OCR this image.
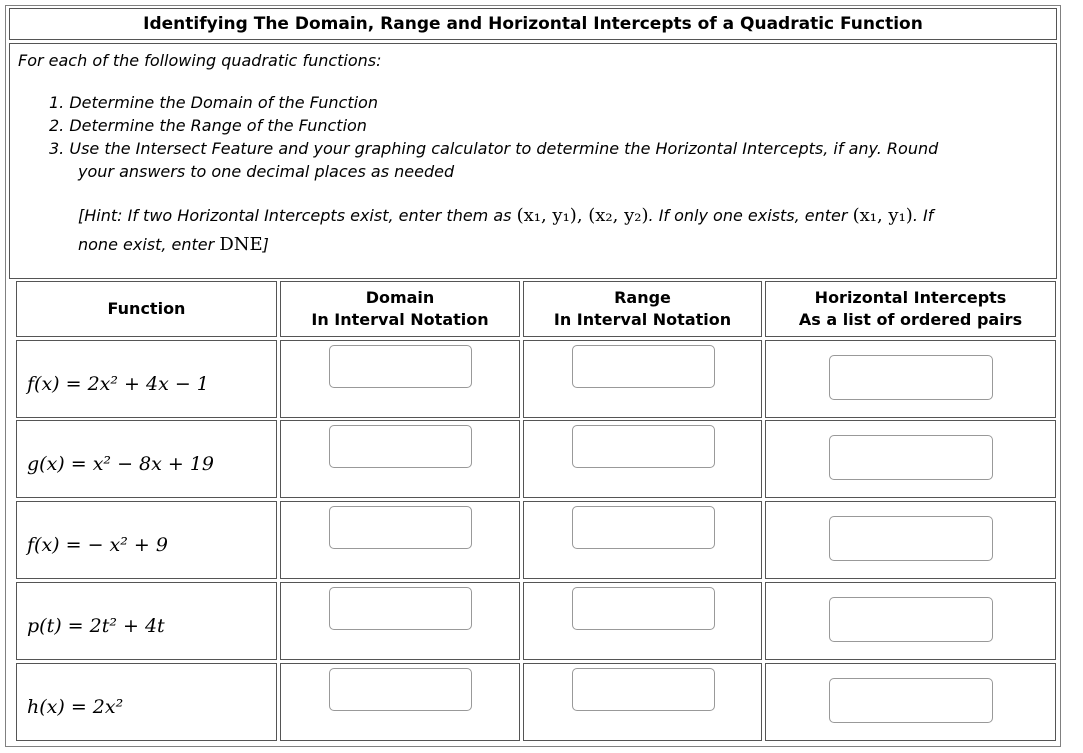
Identifying The Domain, Range and Horizontal Intercepts of a Quadratic Function

For each of the following quadratic functions:

1. Determine the Domain of the Function

2. Determine the Range of the Function

3. Use the Intersect Feature and your graphing calculator to determine the Horizontal Intercepts, if any. Round

your answers to one decimal places as needed

[Hint: If two Horizontal Intercepts exist, enter them as (x₁, y₁), (x₂, y₂). If only one exists, enter (x₁, y₁). If

none exist, enter DNE]

Function
Domain
In Interval Notation
Range
In Interval Notation
Horizontal Intercepts
As a list of ordered pairs
f(x) = 2x² + 4x − 1
g(x) = x² − 8x + 19
f(x) = − x² + 9
p(t) = 2t² + 4t
h(x) = 2x²
